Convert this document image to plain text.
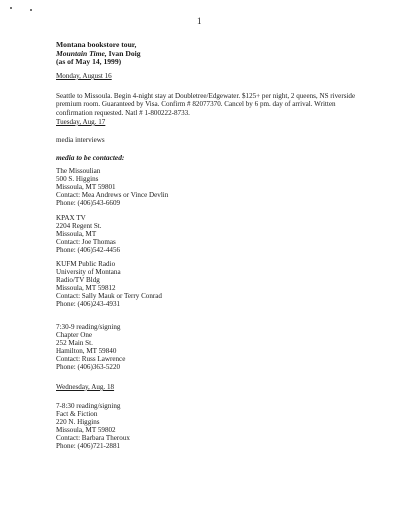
1
Montana bookstore tour,
Mountain Time, Ivan Doig
(as of May 14, 1999)
Monday, August 16
Seattle to Missoula. Begin 4-night stay at Doubletree/Edgewater. $125+ per night, 2 queens, NS riverside premium room. Guaranteed by Visa. Confirm # 82077370. Cancel by 6 pm. day of arrival. Written confirmation requested. Natl # 1-800222-8733.
Tuesday, Aug. 17
media interviews
media to be contacted:
The Missoulian
500 S. Higgins
Missoula, MT 59801
Contact: Mea Andrews or Vince Devlin
Phone: (406)543-6609
KPAX TV
2204 Regent St.
Missoula, MT
Contact: Joe Thomas
Phone: (406)542-4456
KUFM Public Radio
University of Montana
Radio/TV Bldg
Missoula, MT 59812
Contact: Sally Mauk or Terry Conrad
Phone: (406)243-4931
7:30-9 reading/signing
Chapter One
252 Main St.
Hamilton, MT 59840
Contact: Russ Lawrence
Phone: (406)363-5220
Wednesday, Aug. 18
7-8:30 reading/signing
Fact & Fiction
220 N. Higgins
Missoula, MT 59802
Contact: Barbara Theroux
Phone: (406)721-2881
